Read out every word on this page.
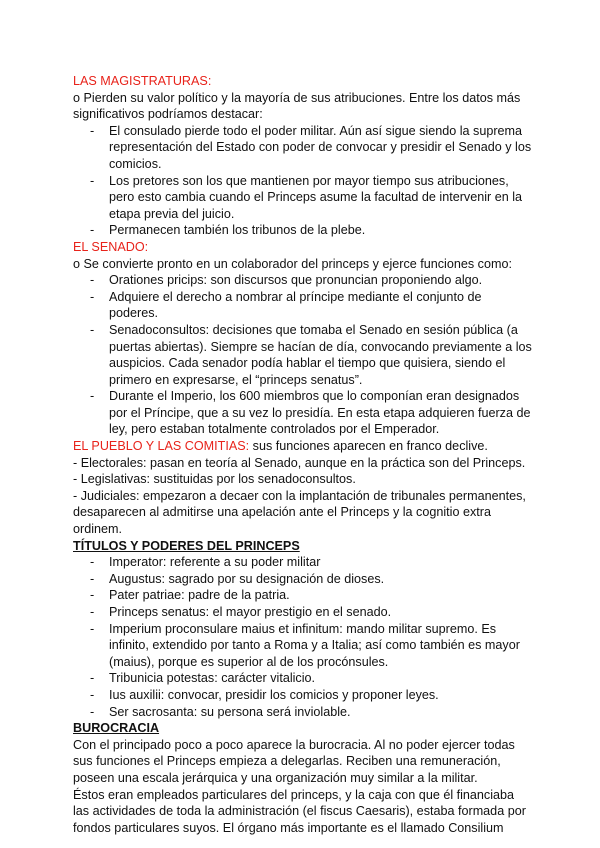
LAS MAGISTRATURAS:

o Pierden su valor político y la mayoría de sus atribuciones. Entre los datos más significativos podríamos destacar:

- El consulado pierde todo el poder militar. Aún así sigue siendo la suprema representación del Estado con poder de convocar y presidir el Senado y los comicios.
- Los pretores son los que mantienen por mayor tiempo sus atribuciones, pero esto cambia cuando el Princeps asume la facultad de intervenir en la etapa previa del juicio.
- Permanecen también los tribunos de la plebe.

EL SENADO:

o Se convierte pronto en un colaborador del princeps y ejerce funciones como:

- Orationes pricips: son discursos que pronuncian proponiendo algo.
- Adquiere el derecho a nombrar al príncipe mediante el conjunto de poderes.
- Senadoconsultos: decisiones que tomaba el Senado en sesión pública (a puertas abiertas). Siempre se hacían de día, convocando previamente a los auspicios. Cada senador podía hablar el tiempo que quisiera, siendo el primero en expresarse, el “princeps senatus”.
- Durante el Imperio, los 600 miembros que lo componían eran designados por el Príncipe, que a su vez lo presidía. En esta etapa adquieren fuerza de ley, pero estaban totalmente controlados por el Emperador.

EL PUEBLO Y LAS COMITIAS: sus funciones aparecen en franco declive.

- Electorales: pasan en teoría al Senado, aunque en la práctica son del Princeps.

- Legislativas: sustituidas por los senadoconsultos.

- Judiciales: empezaron a decaer con la implantación de tribunales permanentes, desaparecen al admitirse una apelación ante el Princeps y la cognitio extra ordinem.

TÍTULOS Y PODERES DEL PRINCEPS

- Imperator: referente a su poder militar
- Augustus: sagrado por su designación de dioses.
- Pater patriae: padre de la patria.
- Princeps senatus: el mayor prestigio en el senado.
- Imperium proconsulare maius et infinitum: mando militar supremo. Es infinito, extendido por tanto a Roma y a Italia; así como también es mayor (maius), porque es superior al de los procónsules.
- Tribunicia potestas: carácter vitalicio.
- Ius auxilii: convocar, presidir los comicios y proponer leyes.
- Ser sacrosanta: su persona será inviolable.

BUROCRACIA

Con el principado poco a poco aparece la burocracia. Al no poder ejercer todas sus funciones el Princeps empieza a delegarlas. Reciben una remuneración, poseen una escala jerárquica y una organización muy similar a la militar.

Éstos eran empleados particulares del princeps, y la caja con que él financiaba las actividades de toda la administración (el fiscus Caesaris), estaba formada por fondos particulares suyos. El órgano más importante es el llamado Consilium
